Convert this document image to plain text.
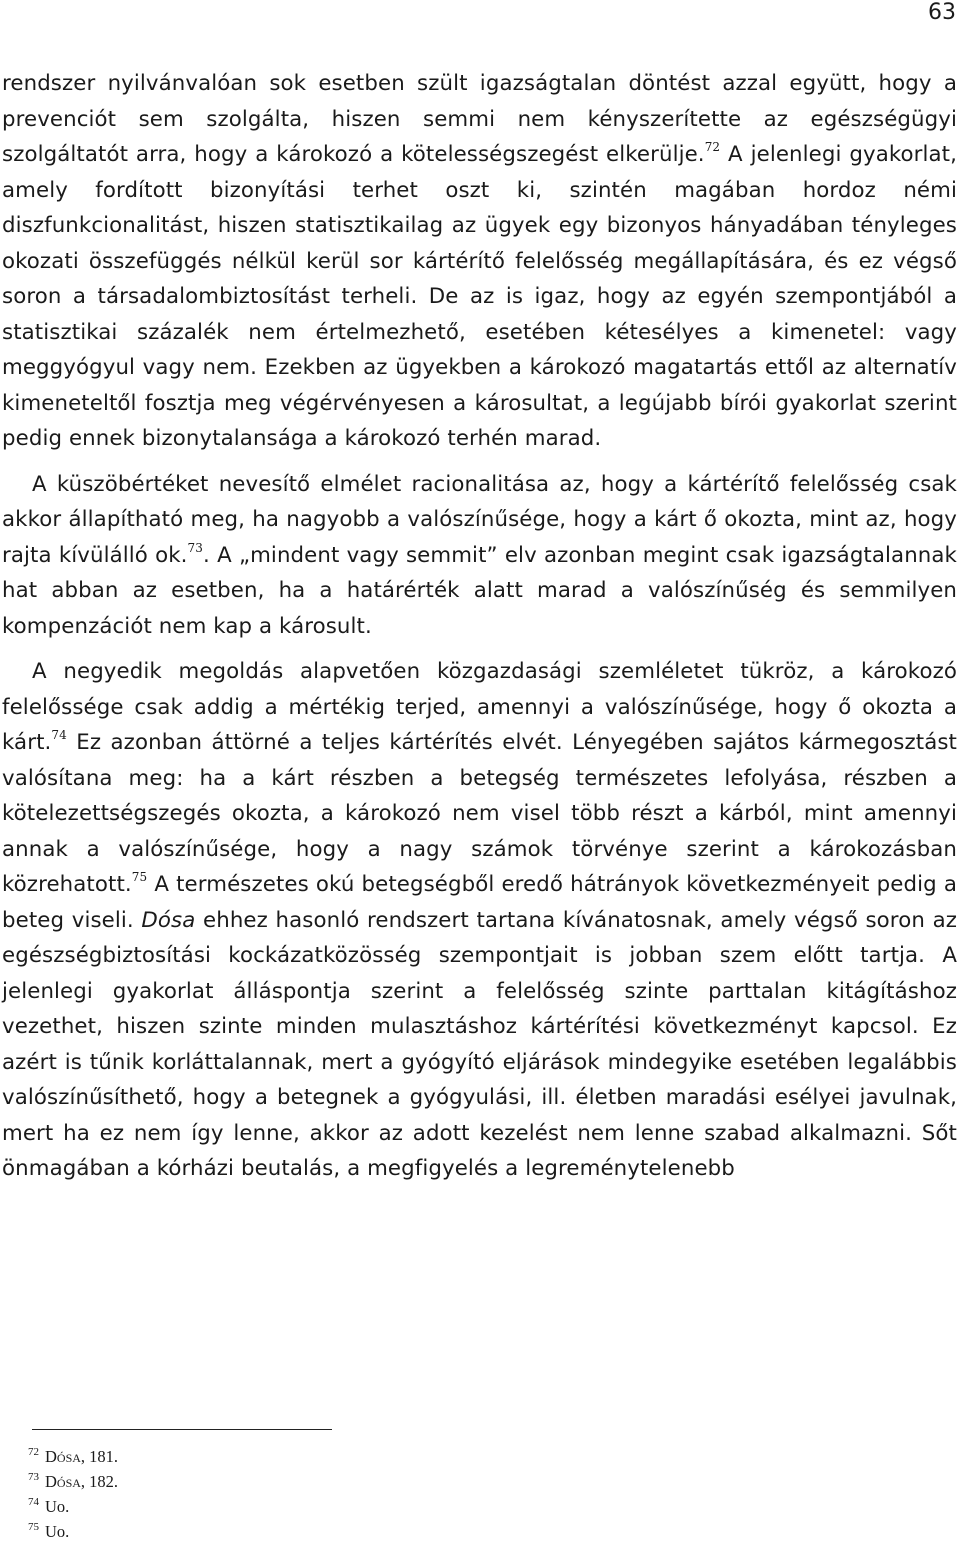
63

rendszer nyilvánvalóan sok esetben szült igazságtalan döntést azzal együtt, hogy a prevenciót sem szolgálta, hiszen semmi nem kényszerítette az egészségügyi szolgáltatót arra, hogy a károkozó a kötelességszegést elkerülje.$^{72}$ A jelenlegi gyakorlat, amely fordított bizonyítási terhet oszt ki, szintén magában hordoz némi diszfunkcionalitást, hiszen statisztikailag az ügyek egy bizonyos hányadában tényleges okozati összefüggés nélkül kerül sor kártérítő felelősség megállapítására, és ez végső soron a társadalombiztosítást terheli. De az is igaz, hogy az egyén szempontjából a statisztikai százalék nem értelmezhető, esetében kétesélyes a kimenetel: vagy meggyógyul vagy nem. Ezekben az ügyekben a károkozó magatartás ettől az alternatív kimeneteltől fosztja meg végérvényesen a károsultat, a legújabb bírói gyakorlat szerint pedig ennek bizonytalansága a károkozó terhén marad.

A küszöbértéket nevesítő elmélet racionalitása az, hogy a kártérítő felelősség csak akkor állapítható meg, ha nagyobb a valószínűsége, hogy a kárt ő okozta, mint az, hogy rajta kívülálló ok.$^{73}$. A „mindent vagy semmit” elv azonban megint csak igazságtalannak hat abban az esetben, ha a határérték alatt marad a valószínűség és semmilyen kompenzációt nem kap a károsult.

A negyedik megoldás alapvetően közgazdasági szemléletet tükröz, a károkozó felelőssége csak addig a mértékig terjed, amennyi a valószínűsége, hogy ő okozta a kárt.$^{74}$ Ez azonban áttörné a teljes kártérítés elvét. Lényegében sajátos kármegosztást valósítana meg: ha a kárt részben a betegség természetes lefolyása, részben a kötelezettségszegés okozta, a károkozó nem visel több részt a kárból, mint amennyi annak a valószínűsége, hogy a nagy számok törvénye szerint a károkozásban közrehatott.$^{75}$ A természetes okú betegségből eredő hátrányok következményeit pedig a beteg viseli. Dósa ehhez hasonló rendszert tartana kívánatosnak, amely végső soron az egészségbiztosítási kockázatközösség szempontjait is jobban szem előtt tartja. A jelenlegi gyakorlat álláspontja szerint a felelősség szinte parttalan kitágításhoz vezethet, hiszen szinte minden mulasztáshoz kártérítési következményt kapcsol. Ez azért is tűnik korláttalannak, mert a gyógyító eljárások mindegyike esetében legalábbis valószínűsíthető, hogy a betegnek a gyógyulási, ill. életben maradási esélyei javulnak, mert ha ez nem így lenne, akkor az adott kezelést nem lenne szabad alkalmazni. Sőt önmagában a kórházi beutalás, a megfigyelés a legreménytelenebb

$^{72}$ Dósa, 181.

$^{73}$ Dósa, 182.

$^{74}$ Uo.

$^{75}$ Uo.
